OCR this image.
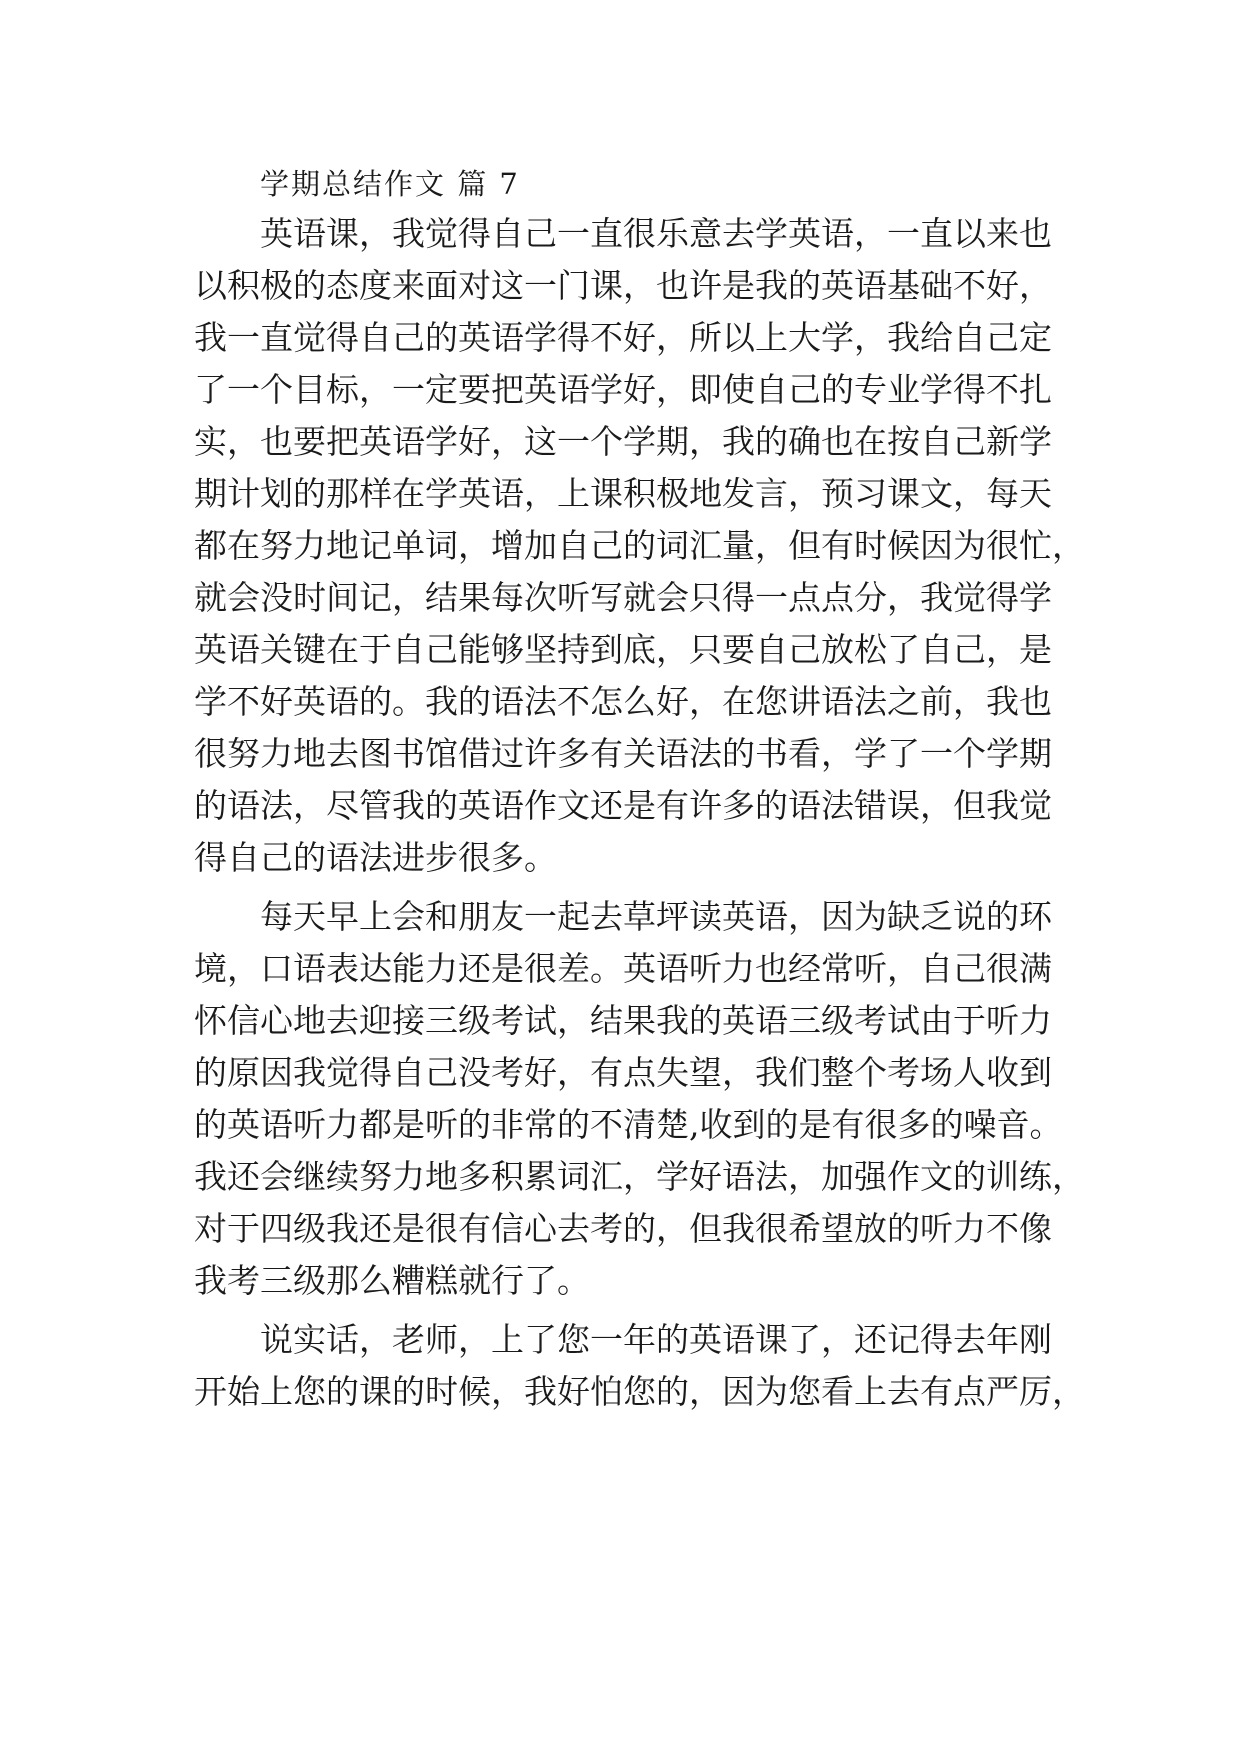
学期总结作文 篇 7
英语课，我觉得自己一直很乐意去学英语，一直以来也
以积极的态度来面对这一门课，也许是我的英语基础不好，
我一直觉得自己的英语学得不好，所以上大学，我给自己定
了一个目标，一定要把英语学好，即使自己的专业学得不扎
实，也要把英语学好，这一个学期，我的确也在按自己新学
期计划的那样在学英语，上课积极地发言，预习课文，每天
都在努力地记单词，增加自己的词汇量，但有时候因为很忙，
就会没时间记，结果每次听写就会只得一点点分，我觉得学
英语关键在于自己能够坚持到底，只要自己放松了自己，是
学不好英语的。我的语法不怎么好，在您讲语法之前，我也
很努力地去图书馆借过许多有关语法的书看，学了一个学期
的语法，尽管我的英语作文还是有许多的语法错误，但我觉
得自己的语法进步很多。
每天早上会和朋友一起去草坪读英语，因为缺乏说的环
境，口语表达能力还是很差。英语听力也经常听，自己很满
怀信心地去迎接三级考试，结果我的英语三级考试由于听力
的原因我觉得自己没考好，有点失望，我们整个考场人收到
的英语听力都是听的非常的不清楚,收到的是有很多的噪音。
我还会继续努力地多积累词汇，学好语法，加强作文的训练，
对于四级我还是很有信心去考的，但我很希望放的听力不像
我考三级那么糟糕就行了。
说实话，老师，上了您一年的英语课了，还记得去年刚
开始上您的课的时候，我好怕您的，因为您看上去有点严厉，
